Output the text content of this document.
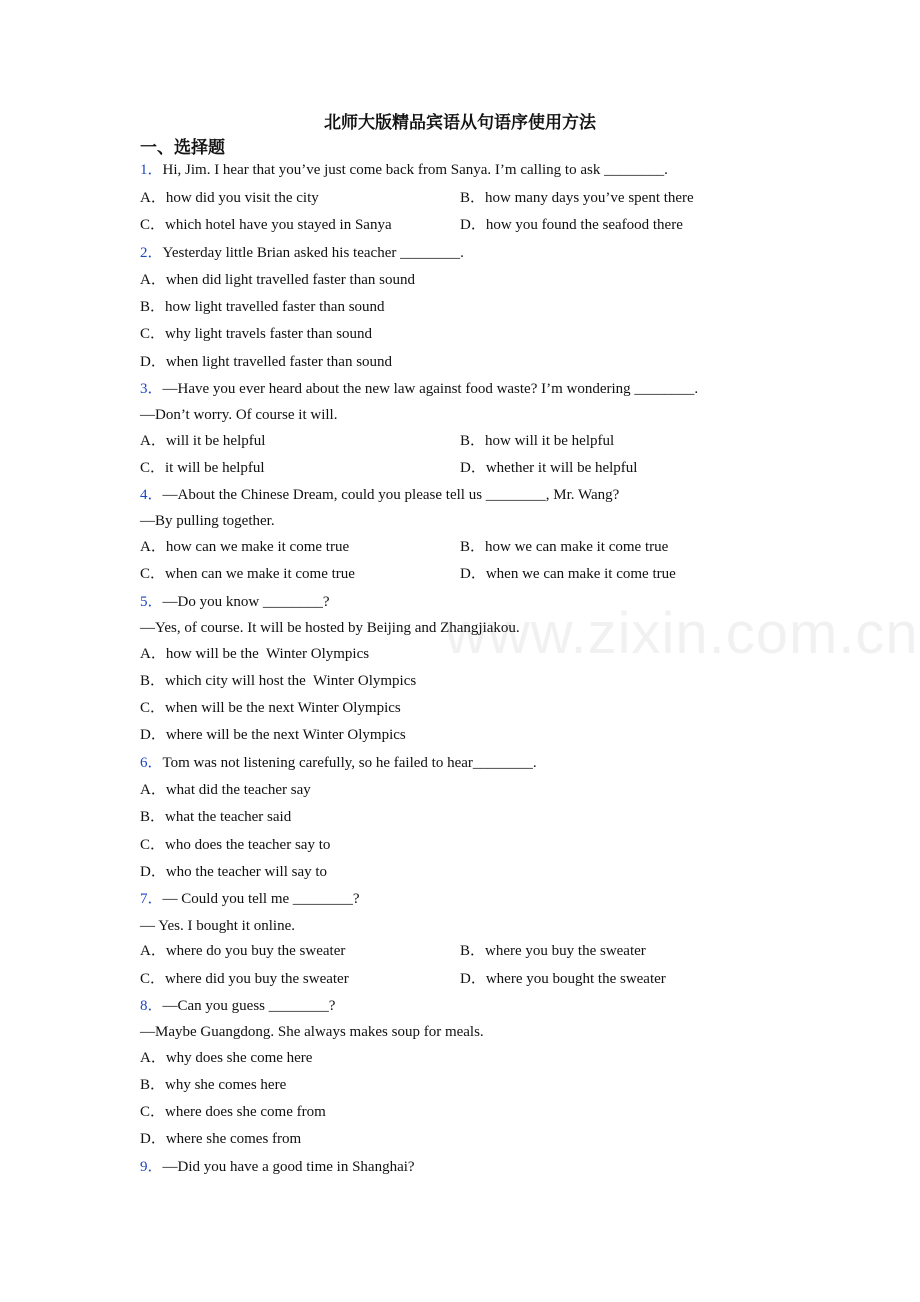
北师大版精品宾语从句语序使用方法
一、选择题
www.zixin.com.cn
1．Hi, Jim. I hear that you’ve just come back from Sanya. I’m calling to ask ________.
A．how did you visit the city	B．how many days you’ve spent there
C．which hotel have you stayed in Sanya	D．how you found the seafood there
2．Yesterday little Brian asked his teacher ________.
A．when did light travelled faster than sound
B．how light travelled faster than sound
C．why light travels faster than sound
D．when light travelled faster than sound
3．—Have you ever heard about the new law against food waste? I’m wondering ________.
—Don’t worry. Of course it will.
A．will it be helpful	B．how will it be helpful
C．it will be helpful	D．whether it will be helpful
4．—About the Chinese Dream, could you please tell us ________, Mr. Wang?
—By pulling together.
A．how can we make it come true	B．how we can make it come true
C．when can we make it come true	D．when we can make it come true
5．—Do you know ________?
—Yes, of course. It will be hosted by Beijing and Zhangjiakou.
A．how will be the  Winter Olympics
B．which city will host the  Winter Olympics
C．when will be the next Winter Olympics
D．where will be the next Winter Olympics
6．Tom was not listening carefully, so he failed to hear________.
A．what did the teacher say
B．what the teacher said
C．who does the teacher say to
D．who the teacher will say to
7．— Could you tell me ________?
— Yes. I bought it online.
A．where do you buy the sweater	B．where you buy the sweater
C．where did you buy the sweater	D．where you bought the sweater
8．—Can you guess ________?
—Maybe Guangdong. She always makes soup for meals.
A．why does she come here
B．why she comes here
C．where does she come from
D．where she comes from
9．—Did you have a good time in Shanghai?
